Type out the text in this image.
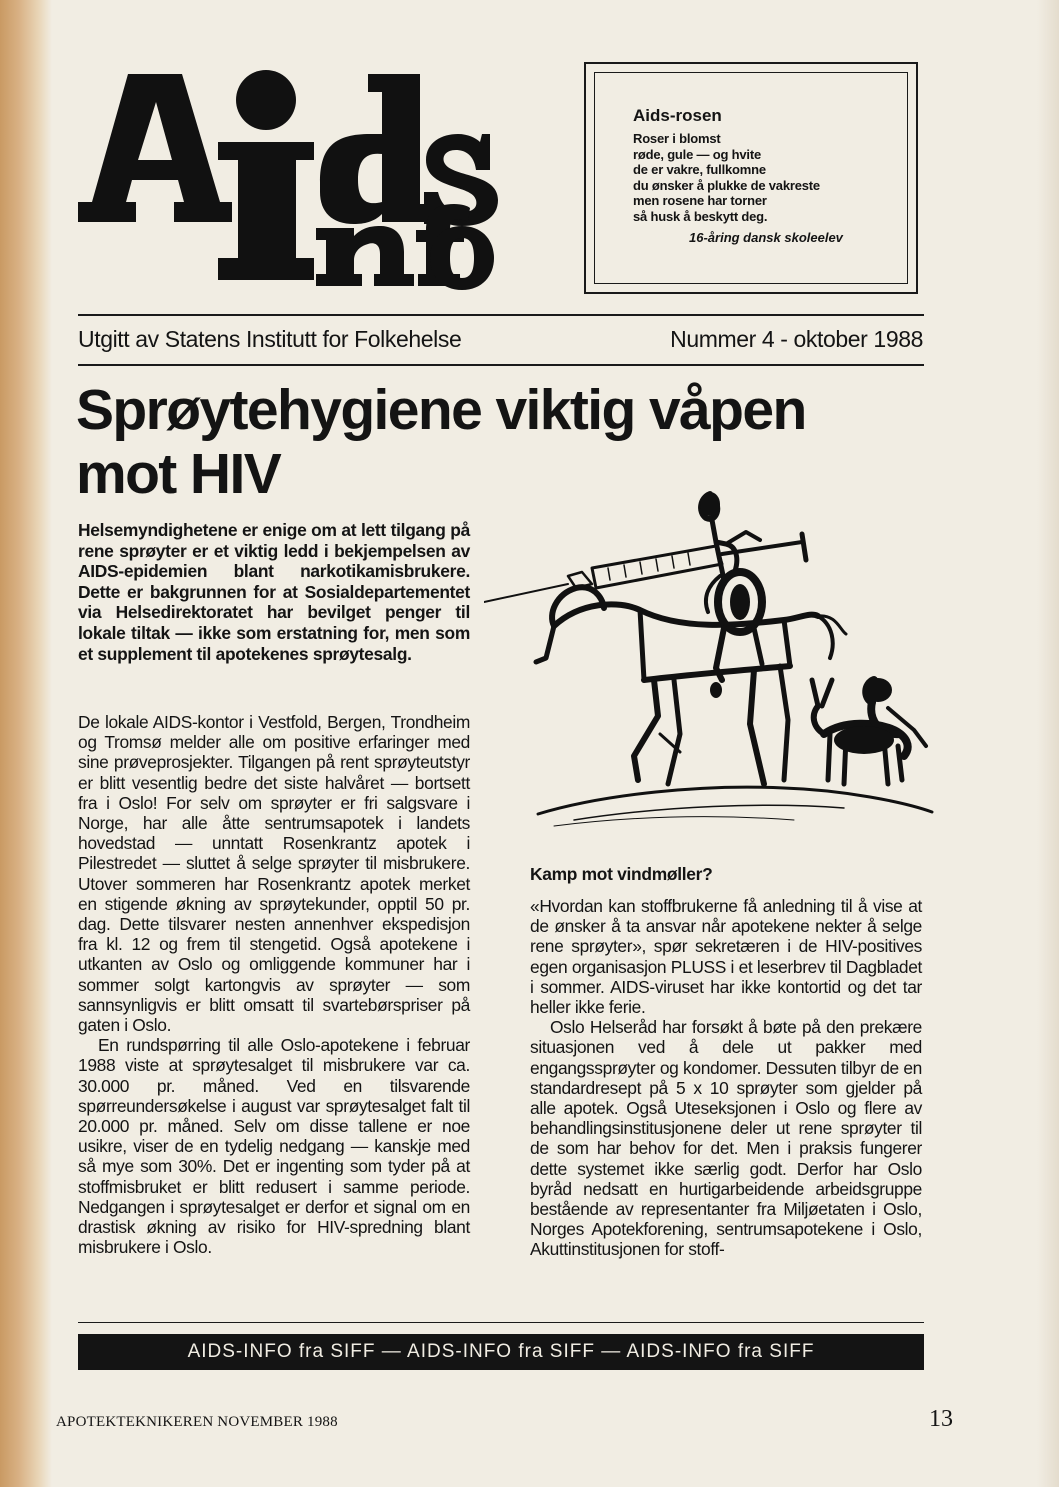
Aids-rosen
Roser i blomst
røde, gule — og hvite
de er vakre, fullkomne
du ønsker å plukke de vakreste
men rosene har torner
så husk å beskytt deg.
16-åring dansk skoleelev
Utgitt av Statens Institutt for Folkehelse	Nummer 4 - oktober 1988
Sprøytehygiene viktig våpen
mot HIV
Helsemyndighetene er enige om at lett tilgang på rene sprøyter er et viktig ledd i bekjempelsen av AIDS-epidemien blant narkotikamisbrukere. Dette er bakgrunnen for at Sosialdepartementet via Helsedirektoratet har bevilget penger til lokale tiltak — ikke som erstatning for, men som et supplement til apotekenes sprøytesalg.

De lokale AIDS-kontor i Vestfold, Bergen, Trondheim og Tromsø melder alle om positive erfaringer med sine prøveprosjekter. Tilgangen på rent sprøyteutstyr er blitt vesentlig bedre det siste halvåret — bortsett fra i Oslo! For selv om sprøyter er fri salgsvare i Norge, har alle åtte sentrumsapotek i landets hovedstad — unntatt Rosenkrantz apotek i Pilestredet — sluttet å selge sprøyter til misbrukere. Utover sommeren har Rosenkrantz apotek merket en stigende økning av sprøytekunder, opptil 50 pr. dag. Dette tilsvarer nesten annenhver ekspedisjon fra kl. 12 og frem til stengetid. Også apotekene i utkanten av Oslo og omliggende kommuner har i sommer solgt kartongvis av sprøyter — som sannsynligvis er blitt omsatt til svartebørspriser på gaten i Oslo.

En rundspørring til alle Oslo-apotekene i februar 1988 viste at sprøytesalget til misbrukere var ca. 30.000 pr. måned. Ved en tilsvarende spørreundersøkelse i august var sprøytesalget falt til 20.000 pr. måned. Selv om disse tallene er noe usikre, viser de en tydelig nedgang — kanskje med så mye som 30%. Det er ingenting som tyder på at stoffmisbruket er blitt redusert i samme periode. Nedgangen i sprøytesalget er derfor et signal om en drastisk økning av risiko for HIV-spredning blant misbrukere i Oslo.

Kamp mot vindmøller?

«Hvordan kan stoffbrukerne få anledning til å vise at de ønsker å ta ansvar når apotekene nekter å selge rene sprøyter», spør sekretæren i de HIV-positives egen organisasjon PLUSS i et leserbrev til Dagbladet i sommer. AIDS-viruset har ikke kontortid og det tar heller ikke ferie.

Oslo Helseråd har forsøkt å bøte på den prekære situasjonen ved å dele ut pakker med engangssprøyter og kondomer. Dessuten tilbyr de en standardresept på 5 x 10 sprøyter som gjelder på alle apotek. Også Uteseksjonen i Oslo og flere av behandlingsinstitusjonene deler ut rene sprøyter til de som har behov for det. Men i praksis fungerer dette systemet ikke særlig godt. Derfor har Oslo byråd nedsatt en hurtigarbeidende arbeidsgruppe bestående av representanter fra Miljøetaten i Oslo, Norges Apotekforening, sentrumsapotekene i Oslo, Akuttinstitusjonen for stoff-

AIDS-INFO fra SIFF — AIDS-INFO fra SIFF — AIDS-INFO fra SIFF
APOTEKTEKNIKEREN NOVEMBER 1988	13
